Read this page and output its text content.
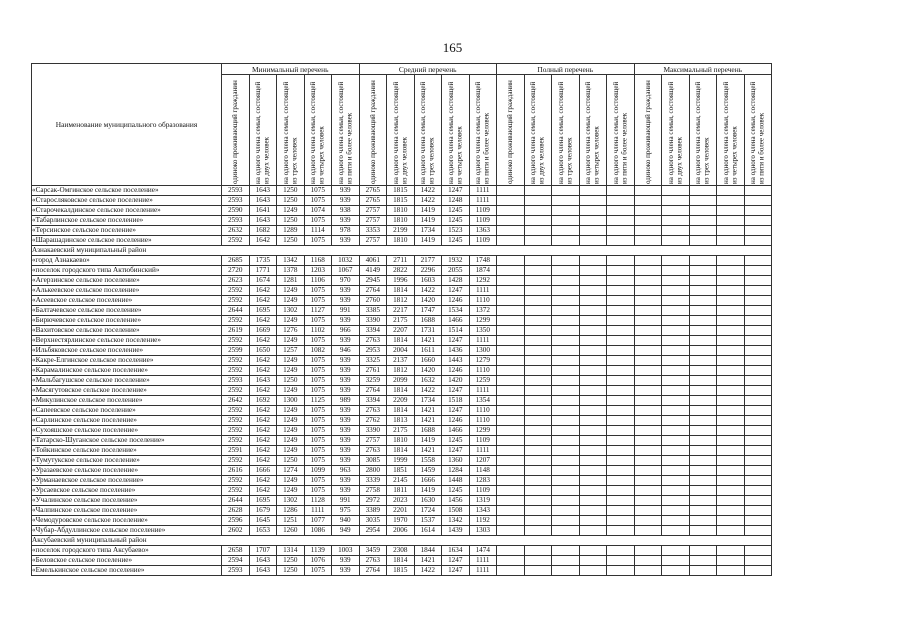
165
Наименование муниципального образования	Минимальный перечень					Средний перечень					Полный перечень					Максимальный перечень				

	одиноко проживающий гражданин	на одного члена семьи, состоящей из двух человек	на одного члена семьи, состоящей из трех человек	на одного члена семьи, состоящей из четырех человек	на одного члена семьи, состоящей из пяти и более человек	одиноко проживающий гражданин	на одного члена семьи, состоящей из двух человек	на одного члена семьи, состоящей из трех человек	на одного члена семьи, состоящей из четырех человек	на одного члена семьи, состоящей из пяти и более человек	одиноко проживающий гражданин	на одного члена семьи, состоящей из двух человек	на одного члена семьи, состоящей из трех человек	на одного члена семьи, состоящей из четырех человек	на одного члена семьи, состоящей из пяти и более человек	одиноко проживающий гражданин	на одного члена семьи, состоящей из двух человек	на одного члена семьи, состоящей из трех человек	на одного члена семьи, состоящей из четырех человек	на одного члена семьи, состоящей из пяти и более человек

«Сарсак-Омгинское сельское поселение»	2593	1643	1250	1075	939	2765	1815	1422	1247	1111										
«Старосляковское сельское поселение»	2593	1643	1250	1075	939	2765	1815	1422	1248	1111										
«Старочекалдинское сельское поселение»	2590	1641	1249	1074	938	2757	1810	1419	1245	1109										
«Табарлинское сельское поселение»	2593	1643	1250	1075	939	2757	1810	1419	1245	1109										
«Терсинское сельское поселение»	2632	1682	1289	1114	978	3353	2199	1734	1523	1363										
«Шарашадинское сельское поселение»	2592	1642	1250	1075	939	2757	1810	1419	1245	1109										
Азнакаевский муниципальный район																				
«город Азнакаево»	2685	1735	1342	1168	1032	4061	2711	2177	1932	1748										
«поселок городского типа Актюбинский»	2720	1771	1378	1203	1067	4149	2822	2296	2055	1874										
«Агерзинское сельское поселение»	2623	1674	1281	1106	970	2945	1996	1603	1428	1292										
«Алькеевское сельское поселение»	2592	1642	1249	1075	939	2764	1814	1422	1247	1111										
«Асеевское сельское поселение»	2592	1642	1249	1075	939	2760	1812	1420	1246	1110										
«Балтачевское сельское поселение»	2644	1695	1302	1127	991	3385	2217	1747	1534	1372										
«Бирючевское сельское поселение»	2592	1642	1249	1075	939	3390	2175	1688	1466	1299										
«Вахитовское сельское поселение»	2619	1669	1276	1102	966	3394	2207	1731	1514	1350										
«Верхнестярлинское сельское поселение»	2592	1642	1249	1075	939	2763	1814	1421	1247	1111										
«Ильбяковское сельское поселение»	2599	1650	1257	1082	946	2953	2004	1611	1436	1300										
«Какре-Елгинское сельское поселение»	2592	1642	1249	1075	939	3325	2137	1660	1443	1279										
«Карамалинское сельское поселение»	2592	1642	1249	1075	939	2761	1812	1420	1246	1110										
«Мальбагушское сельское поселение»	2593	1643	1250	1075	939	3259	2099	1632	1420	1259										
«Масягутовское сельское поселение»	2592	1642	1249	1075	939	2764	1814	1422	1247	1111										
«Микулинское сельское поселение»	2642	1692	1300	1125	989	3394	2209	1734	1518	1354										
«Сапеевское сельское поселение»	2592	1642	1249	1075	939	2763	1814	1421	1247	1110										
«Сарлинское сельское поселение»	2592	1642	1249	1075	939	2762	1813	1421	1246	1110										
«Сухояшское сельское поселение»	2592	1642	1249	1075	939	3390	2175	1688	1466	1299										
«Татарско-Шуганское сельское поселение»	2592	1642	1249	1075	939	2757	1810	1419	1245	1109										
«Тойкинское сельское поселение»	2591	1642	1249	1075	939	2763	1814	1421	1247	1111										
«Тумутукское сельское поселение»	2592	1642	1250	1075	939	3085	1999	1558	1360	1207										
«Уразаевское сельское поселение»	2616	1666	1274	1099	963	2800	1851	1459	1284	1148										
«Урманаевское сельское поселение»	2592	1642	1249	1075	939	3339	2145	1666	1448	1283										
«Урсаевское сельское поселение»	2592	1642	1249	1075	939	2758	1811	1419	1245	1109										
«Учалинское сельское поселение»	2644	1695	1302	1128	991	2972	2023	1630	1456	1319										
«Чалпинское сельское поселение»	2628	1679	1286	1111	975	3389	2201	1724	1508	1343										
«Чемодуровское сельское поселение»	2596	1645	1251	1077	940	3035	1970	1537	1342	1192										
«Чубар-Абдуллинское сельское поселение»	2602	1653	1260	1086	949	2954	2006	1614	1439	1303										
Аксубаевский муниципальный район																				
«поселок городского типа Аксубаево»	2658	1707	1314	1139	1003	3459	2308	1844	1634	1474										
«Беловское сельское поселение»	2594	1643	1250	1076	939	2763	1814	1421	1247	1111										
«Емелькинское сельское поселение»	2593	1643	1250	1075	939	2764	1815	1422	1247	1111										
